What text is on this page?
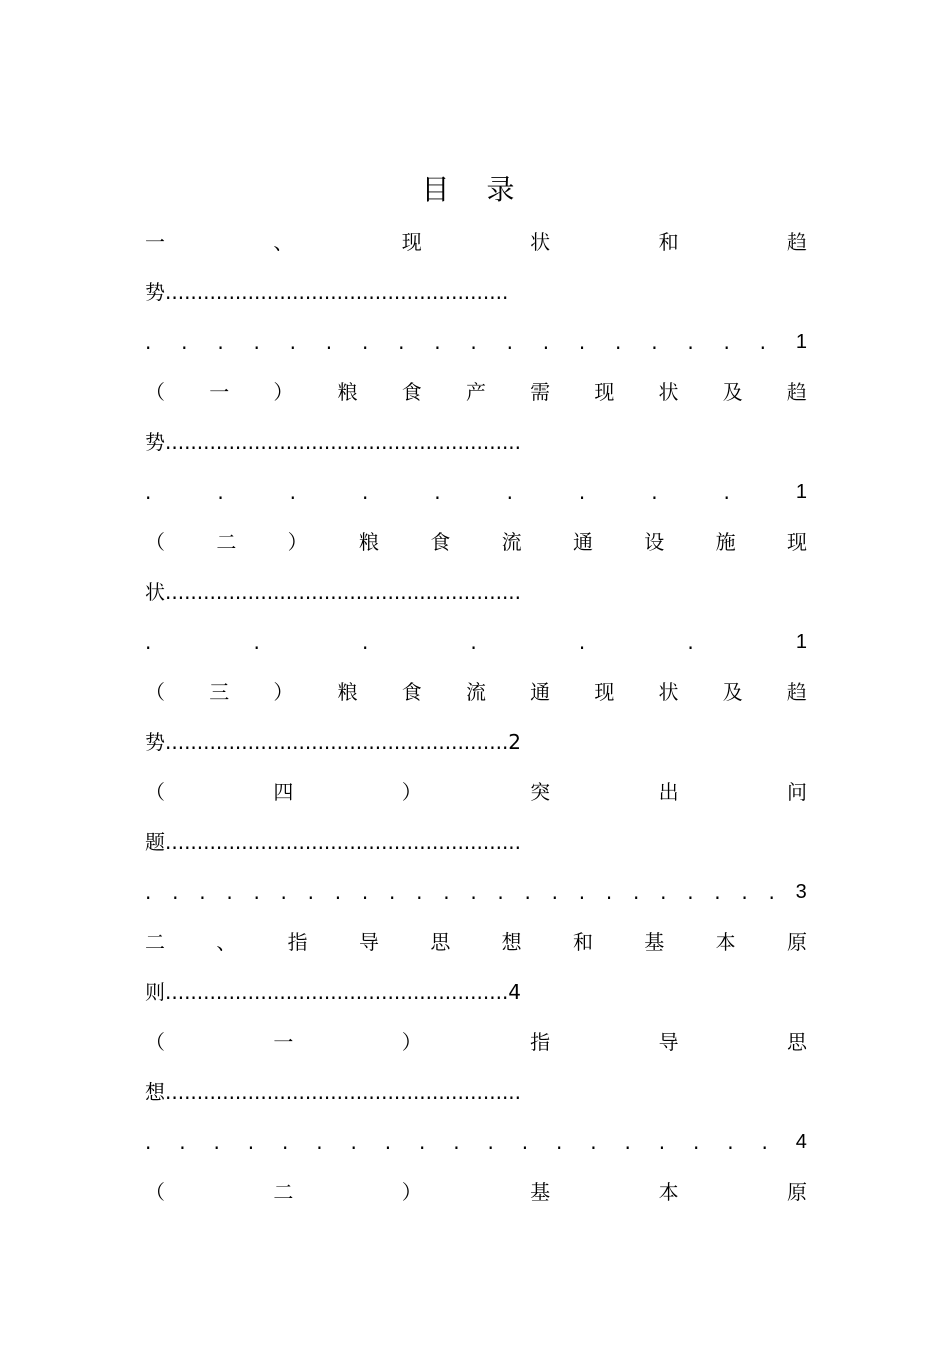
目 录
一	、	现	状	和	趋
势......................................................
. . . . . . . . . . . . . . . . . . 1
（ 一 ） 粮 食 产 需 现 状 及 趋
势........................................................
.	.	.	.	.	.	.	.	.	1
（	二	）	粮	食	流	通	设	施	现
状........................................................
.	.	.	.	.	.	1
（ 三 ） 粮 食 流 通 现 状 及 趋
势......................................................2
（	四	）	突	出	问
题........................................................
. . . . . . . . . . . . . . . . . . . . . . . . 3
二	、	指	导	思	想	和	基	本	原
则......................................................4
（	一	）	指	导	思
想........................................................
. . . . . . . . . . . . . . . . . . . 4
（	二	）	基	本	原
